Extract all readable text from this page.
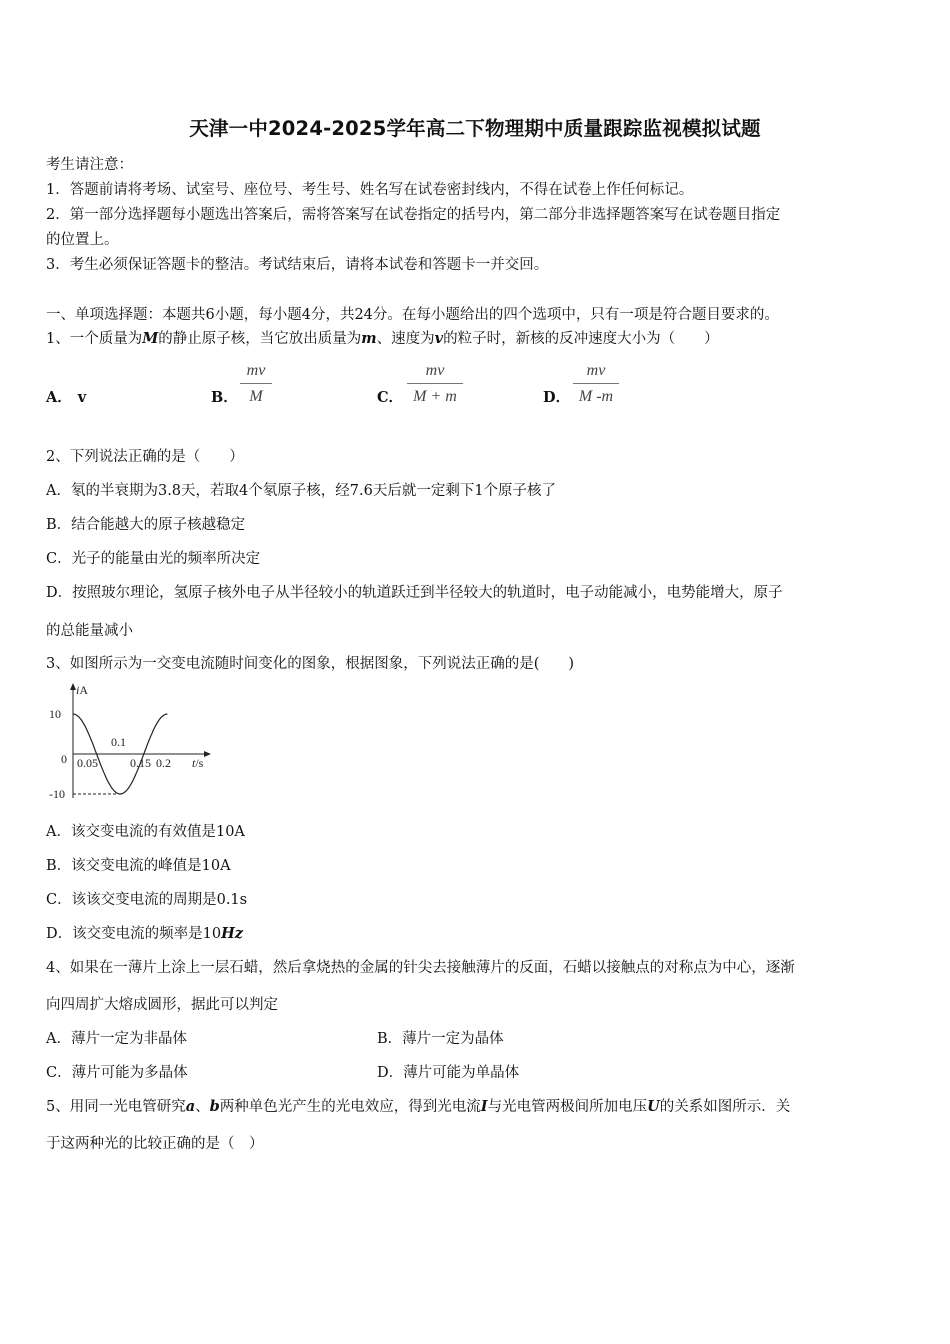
天津一中2024-2025学年高二下物理期中质量跟踪监视模拟试题
考生请注意：
1．答题前请将考场、试室号、座位号、考生号、姓名写在试卷密封线内，不得在试卷上作任何标记。
2．第一部分选择题每小题选出答案后，需将答案写在试卷指定的括号内，第二部分非选择题答案写在试卷题目指定
的位置上。
3．考生必须保证答题卡的整洁。考试结束后，请将本试卷和答题卡一并交回。
一、单项选择题：本题共6小题，每小题4分，共24分。在每小题给出的四个选项中，只有一项是符合题目要求的。
1、一个质量为M的静止原子核，当它放出质量为m、速度为v的粒子时，新核的反冲速度大小为（　　）
A． v	B． $\frac{mv}{M}$	C． $\frac{mv}{M + m}$	D． $\frac{mv}{M -m}$
2、下列说法正确的是（　　）
A．氡的半衰期为3.8天，若取4个氡原子核，经7.6天后就一定剩下1个原子核了
B．结合能越大的原子核越稳定
C．光子的能量由光的频率所决定
D．按照玻尔理论，氢原子核外电子从半径较小的轨道跃迁到半径较大的轨道时，电子动能减小，电势能增大，原子
的总能量减小
3、如图所示为一交变电流随时间变化的图象，根据图象，下列说法正确的是(　　)
iA
t/s
0
10
-10
0.05
0.1
0.15 0.2
A．该交变电流的有效值是10A
B．该交变电流的峰值是10A
C．该该交变电流的周期是0.1s
D．该交变电流的频率是10Hz
4、如果在一薄片上涂上一层石蜡，然后拿烧热的金属的针尖去接触薄片的反面，石蜡以接触点的对称点为中心，逐渐
向四周扩大熔成圆形，据此可以判定
A．薄片一定为非晶体	B．薄片一定为晶体
C．薄片可能为多晶体	D．薄片可能为单晶体
5、用同一光电管研究a、b两种单色光产生的光电效应，得到光电流I与光电管两极间所加电压U的关系如图所示．关
于这两种光的比较正确的是（　）
